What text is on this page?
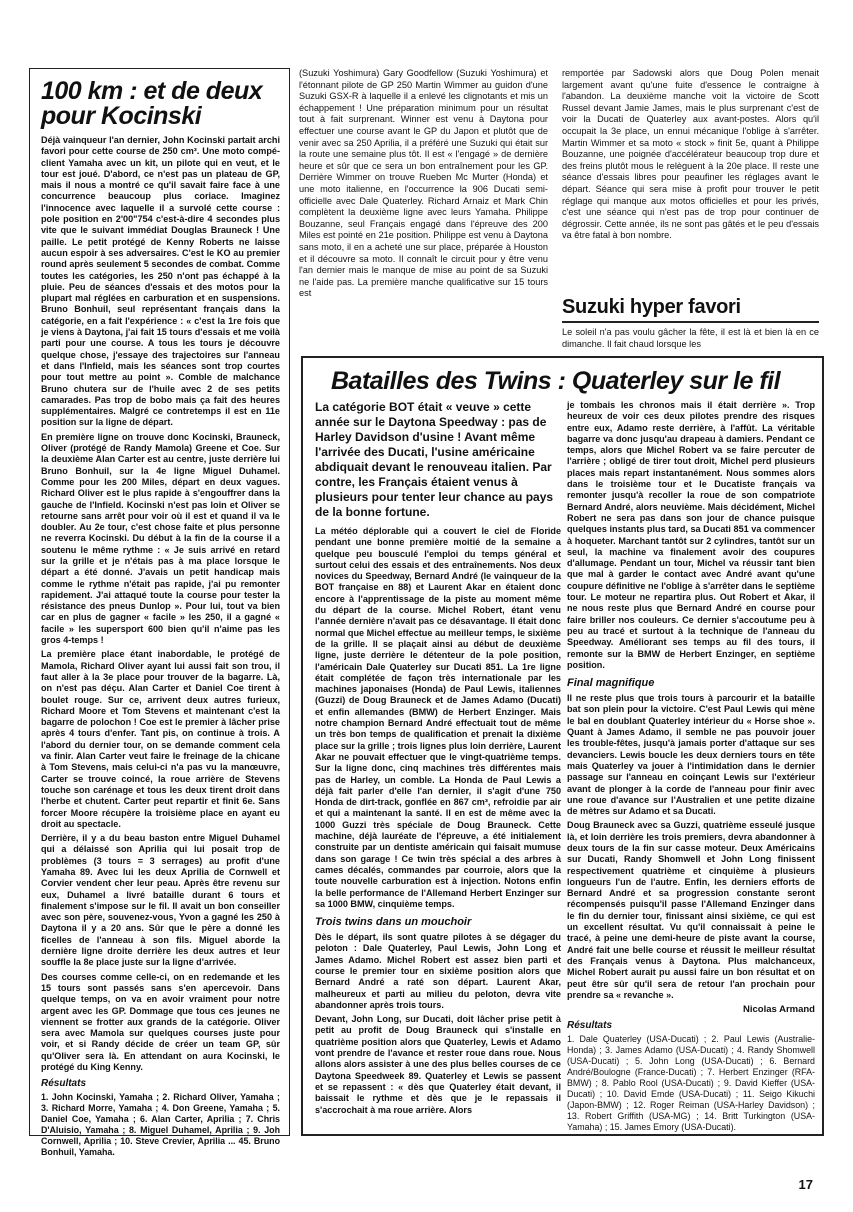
100 km : et de deux pour Kocinski

Déjà vainqueur l'an dernier, John Kocinski partait archi favori pour cette course de 250 cm³. Une moto compé-client Yamaha avec un kit, un pilote qui en veut, et le tour est joué. D'abord, ce n'est pas un plateau de GP, mais il nous a montré ce qu'il savait faire face à une concurrence beaucoup plus coriace. Imaginez l'innocence avec laquelle il a survolé cette course : pole position en 2'00"754 c'est-à-dire 4 secondes plus vite que le suivant immédiat Douglas Brauneck ! Une paille. Le petit protégé de Kenny Roberts ne laisse aucun espoir à ses adversaires. C'est le KO au premier round après seulement 5 secondes de combat. Comme toutes les catégories, les 250 n'ont pas échappé à la pluie. Peu de séances d'essais et des motos pour la plupart mal réglées en carburation et en suspensions. Bruno Bonhuil, seul représentant français dans la catégorie, en a fait l'expérience : « c'est la 1re fois que je viens à Daytona, j'ai fait 15 tours d'essais et me voilà parti pour une course. A tous les tours je découvre quelque chose, j'essaye des trajectoires sur l'anneau et dans l'Infield, mais les séances sont trop courtes pour tout mettre au point ». Comble de malchance Bruno chutera sur de l'huile avec 2 de ses petits camarades. Pas trop de bobo mais ça fait des heures supplémentaires. Malgré ce contretemps il est en 11e position sur la ligne de départ.

En première ligne on trouve donc Kocinski, Brauneck, Oliver (protégé de Randy Mamola) Greene et Coe. Sur la deuxième Alan Carter est au centre, juste derrière lui Bruno Bonhuil, sur la 4e ligne Miguel Duhamel. Comme pour les 200 Miles, départ en deux vagues. Richard Oliver est le plus rapide à s'engouffrer dans la gauche de l'Infield. Kocinski n'est pas loin et Oliver se retourne sans arrêt pour voir où il est et quand il va le doubler. Au 2e tour, c'est chose faite et plus personne ne reverra Kocinski. Du début à la fin de la course il a soutenu le même rythme : « Je suis arrivé en retard sur la grille et je n'étais pas à ma place lorsque le départ a été donné. J'avais un petit handicap mais comme le rythme n'était pas rapide, j'ai pu remonter rapidement. J'ai attaqué toute la course pour tester la résistance des pneus Dunlop ». Pour lui, tout va bien car en plus de gagner « facile » les 250, il a gagné « facile » les supersport 600 bien qu'il n'aime pas les gros 4-temps !

La première place étant inabordable, le protégé de Mamola, Richard Oliver ayant lui aussi fait son trou, il faut aller à la 3e place pour trouver de la bagarre. Là, on n'est pas déçu. Alan Carter et Daniel Coe tirent à boulet rouge. Sur ce, arrivent deux autres furieux, Richard Moore et Tom Stevens et maintenant c'est la bagarre de polochon ! Coe est le premier à lâcher prise après 4 tours d'enfer. Tant pis, on continue à trois. A l'abord du dernier tour, on se demande comment cela va finir. Alan Carter veut faire le freinage de la chicane à Tom Stevens, mais celui-ci n'a pas vu la manœuvre, Carter se trouve coincé, la roue arrière de Stevens touche son carénage et tous les deux tirent droit dans l'herbe et chutent. Carter peut repartir et finit 6e. Sans forcer Moore récupère la troisième place en ayant eu droit au spectacle.

Derrière, il y a du beau baston entre Miguel Duhamel qui a délaissé son Aprilia qui lui posait trop de problèmes (3 tours = 3 serrages) au profit d'une Yamaha 89. Avec lui les deux Aprilia de Cornwell et Corvier vendent cher leur peau. Après être revenu sur eux, Duhamel a livré bataille durant 6 tours et finalement s'impose sur le fil. Il avait un bon conseiller avec son père, souvenez-vous, Yvon a gagné les 250 à Daytona il y a 20 ans. Sûr que le père a donné les ficelles de l'anneau à son fils. Miguel aborde la dernière ligne droite derrière les deux autres et leur souffle la 8e place juste sur la ligne d'arrivée.

Des courses comme celle-ci, on en redemande et les 15 tours sont passés sans s'en apercevoir. Dans quelque temps, on va en avoir vraiment pour notre argent avec les GP. Dommage que tous ces jeunes ne viennent se frotter aux grands de la catégorie. Oliver sera avec Mamola sur quelques courses juste pour voir, et si Randy décide de créer un team GP, sûr qu'Oliver sera là. En attendant on aura Kocinski, le protégé du King Kenny.

Résultats

1. John Kocinski, Yamaha ; 2. Richard Oliver, Yamaha ; 3. Richard Morre, Yamaha ; 4. Don Greene, Yamaha ; 5. Daniel Coe, Yamaha ; 6. Alan Carter, Aprilia ; 7. Chris D'Aluisio, Yamaha ; 8. Miguel Duhamel, Aprilia ; 9. Joh Cornwell, Aprilia ; 10. Steve Crevier, Aprilia ... 45. Bruno Bonhuil, Yamaha.

(Suzuki Yoshimura) Gary Goodfellow (Suzuki Yoshimura) et l'étonnant pilote de GP 250 Martin Wimmer au guidon d'une Suzuki GSX-R à laquelle il a enlevé les clignotants et mis un échappement ! Une préparation minimum pour un résultat tout à fait surprenant. Winner est venu à Daytona pour effectuer une course avant le GP du Japon et plutôt que de venir avec sa 250 Aprilia, il a préféré une Suzuki qui était sur la route une semaine plus tôt. Il est « l'engagé » de dernière heure et sûr que ce sera un bon entraînement pour les GP. Derrière Wimmer on trouve Rueben Mc Murter (Honda) et une moto italienne, en l'occurrence la 906 Ducati semi-officielle avec Dale Quaterley. Richard Arnaiz et Mark Chin complètent la deuxième ligne avec leurs Yamaha. Philippe Bouzanne, seul Français engagé dans l'épreuve des 200 Miles est pointé en 21e position. Philippe est venu à Daytona sans moto, il en a acheté une sur place, préparée à Houston et il découvre sa moto. Il connaît le circuit pour y être venu l'an dernier mais le manque de mise au point de sa Suzuki ne l'aide pas. La première manche qualificative sur 15 tours est

remportée par Sadowski alors que Doug Polen menait largement avant qu'une fuite d'essence le contraigne à l'abandon. La deuxième manche voit la victoire de Scott Russel devant Jamie James, mais le plus surprenant c'est de voir la Ducati de Quaterley aux avant-postes. Alors qu'il occupait la 3e place, un ennui mécanique l'oblige à s'arrêter. Martin Wimmer et sa moto « stock » finit 5e, quant à Philippe Bouzanne, une poignée d'accélérateur beaucoup trop dure et des freins plutôt mous le relèguent à la 20e place. Il reste une séance d'essais libres pour peaufiner les réglages avant le départ. Séance qui sera mise à profit pour trouver le petit réglage qui manque aux motos officielles et pour les privés, c'est une séance qui n'est pas de trop pour continuer de dégrossir. Cette année, ils ne sont pas gâtés et le peu d'essais va être fatal à bon nombre.

Suzuki hyper favori

Le soleil n'a pas voulu gâcher la fête, il est là et bien là en ce dimanche. Il fait chaud lorsque les

Batailles des Twins : Quaterley sur le fil

La catégorie BOT était « veuve » cette année sur le Daytona Speedway : pas de Harley Davidson d'usine ! Avant même l'arrivée des Ducati, l'usine américaine abdiquait devant le renouveau italien. Par contre, les Français étaient venus à plusieurs pour tenter leur chance au pays de la bonne fortune.

La météo déplorable qui a couvert le ciel de Floride pendant une bonne première moitié de la semaine a quelque peu bousculé l'emploi du temps général et surtout celui des essais et des entraînements. Nos deux novices du Speedway, Bernard André (le vainqueur de la BOT française en 88) et Laurent Akar en étaient donc encore à l'apprentissage de la piste au moment même du départ de la course. Michel Robert, étant venu l'année dernière n'avait pas ce désavantage. Il était donc normal que Michel effectue au meilleur temps, le sixième de la grille. Il se plaçait ainsi au début de deuxième ligne, juste derrière le détenteur de la pole position, l'américain Dale Quaterley sur Ducati 851. La 1re ligne était complétée de façon très internationale par les machines japonaises (Honda) de Paul Lewis, italiennes (Guzzi) de Doug Brauneck et de James Adamo (Ducati) et enfin allemandes (BMW) de Herbert Enzinger. Mais notre champion Bernard André effectuait tout de même un très bon temps de qualification et prenait la dixième place sur la grille ; trois lignes plus loin derrière, Laurent Akar ne pouvait effectuer que le vingt-quatrième temps. Sur la ligne donc, cinq machines très différentes mais pas de Harley, un comble. La Honda de Paul Lewis a déjà fait parler d'elle l'an dernier, il s'agit d'une 750 Honda de dirt-track, gonflée en 867 cm³, refroidie par air et qui a maintenant la santé. Il en est de même avec la 1000 Guzzi très spéciale de Doug Brauneck. Cette machine, déjà lauréate de l'épreuve, a été initialement construite par un dentiste américain qui faisait mumuse dans son garage ! Ce twin très spécial a des arbres à cames décalés, commandes par courroie, alors que la toute nouvelle carburation est à injection. Notons enfin la belle performance de l'Allemand Herbert Enzinger sur sa 1000 BMW, cinquième temps.

Trois twins dans un mouchoir

Dès le départ, ils sont quatre pilotes à se dégager du peloton : Dale Quaterley, Paul Lewis, John Long et James Adamo. Michel Robert est assez bien parti et course le premier tour en sixième position alors que Bernard André a raté son départ. Laurent Akar, malheureux et parti au milieu du peloton, devra vite abandonner après trois tours.

Devant, John Long, sur Ducati, doit lâcher prise petit à petit au profit de Doug Brauneck qui s'installe en quatrième position alors que Quaterley, Lewis et Adamo vont prendre de l'avance et rester roue dans roue. Nous allons alors assister à une des plus belles courses de ce Daytona Speedweek 89. Quaterley et Lewis se passent et se repassent : « dès que Quaterley était devant, il baissait le rythme et dès que je le repassais il s'accrochait à ma roue arrière. Alors

je tombais les chronos mais il était derrière ». Trop heureux de voir ces deux pilotes prendre des risques entre eux, Adamo reste derrière, à l'affût. La véritable bagarre va donc jusqu'au drapeau à damiers. Pendant ce temps, alors que Michel Robert va se faire percuter de l'arrière ; obligé de tirer tout droit, Michel perd plusieurs places mais repart instantanément. Nous sommes alors dans le troisième tour et le Ducatiste français va remonter jusqu'à recoller la roue de son compatriote Bernard André, alors neuvième. Mais décidément, Michel Robert ne sera pas dans son jour de chance puisque quelques instants plus tard, sa Ducati 851 va commencer à hoqueter. Marchant tantôt sur 2 cylindres, tantôt sur un seul, la machine va finalement avoir des coupures d'allumage. Pendant un tour, Michel va réussir tant bien que mal à garder le contact avec André avant qu'une coupure définitive ne l'oblige à s'arrêter dans le septième tour. Le moteur ne repartira plus. Out Robert et Akar, il ne nous reste plus que Bernard André en course pour faire briller nos couleurs. Ce dernier s'accoutume peu à peu au tracé et surtout à la technique de l'anneau du Speedway. Améliorant ses temps au fil des tours, il remonte sur la BMW de Herbert Enzinger, en septième position.

Final magnifique

Il ne reste plus que trois tours à parcourir et la bataille bat son plein pour la victoire. C'est Paul Lewis qui mène le bal en doublant Quaterley intérieur du « Horse shoe ». Quant à James Adamo, il semble ne pas pouvoir jouer les trouble-fêtes, jusqu'à jamais porter d'attaque sur ses devanciers. Lewis boucle les deux derniers tours en tête mais Quaterley va jouer à l'intimidation dans le dernier passage sur l'anneau en coinçant Lewis sur l'extérieur avant de plonger à la corde de l'anneau pour finir avec une roue d'avance sur l'Australien et une petite dizaine de mètres sur Adamo et sa Ducati.

Doug Brauneck avec sa Guzzi, quatrième esseulé jusque là, et loin derrière les trois premiers, devra abandonner à deux tours de la fin sur casse moteur. Deux Américains sur Ducati, Randy Shomwell et John Long finissent respectivement quatrième et cinquième à plusieurs longueurs l'un de l'autre. Enfin, les derniers efforts de Bernard André et sa progression constante seront récompensés puisqu'il passe l'Allemand Enzinger dans le fin du dernier tour, finissant ainsi sixième, ce qui est un excellent résultat. Vu qu'il connaissait à peine le tracé, à peine une demi-heure de piste avant la course, André fait une belle course et réussit le meilleur résultat des Français venus à Daytona. Plus malchanceux, Michel Robert aurait pu aussi faire un bon résultat et on peut être sûr qu'il sera de retour l'an prochain pour prendre sa « revanche ».

Nicolas Armand
Résultats

1. Dale Quaterley (USA-Ducati) ; 2. Paul Lewis (Australie-Honda) ; 3. James Adamo (USA-Ducati) ; 4. Randy Shomwell (USA-Ducati) ; 5. John Long (USA-Ducati) ; 6. Bernard André/Boulogne (France-Ducati) ; 7. Herbert Enzinger (RFA-BMW) ; 8. Pablo Rool (USA-Ducati) ; 9. David Kieffer (USA-Ducati) ; 10. David Emde (USA-Ducati) ; 11. Seigo Kikuchi (Japon-BMW) ; 12. Roger Reiman (USA-Harley Davidson) ; 13. Robert Griffith (USA-MG) ; 14. Britt Turkington (USA-Yamaha) ; 15. James Emory (USA-Ducati).

17
